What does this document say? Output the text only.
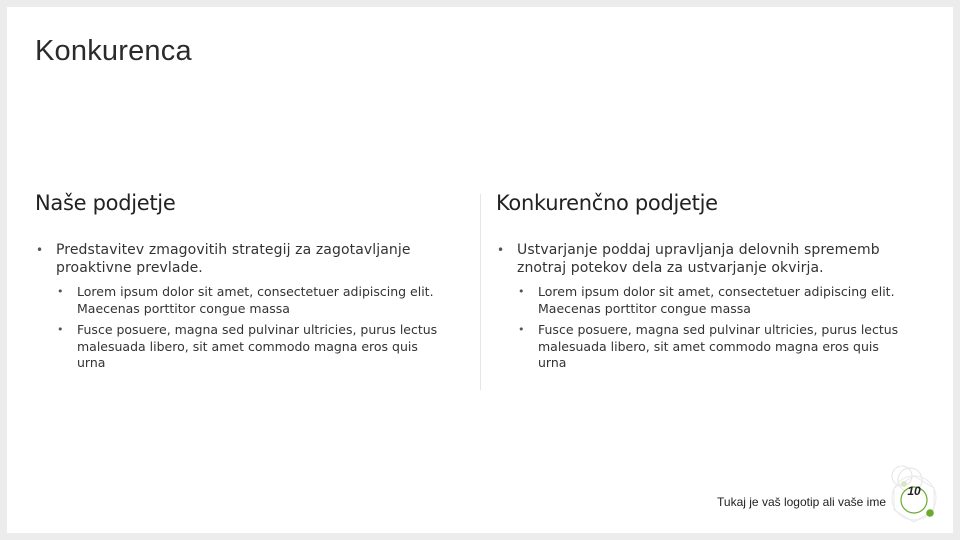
Konkurenca
Naše podjetje	Konkurenčno podjetje
• Predstavitev zmagovitih strategij za zagotavljanje proaktivne prevlade.
• Lorem ipsum dolor sit amet, consectetuer adipiscing elit. Maecenas porttitor congue massa
• Fusce posuere, magna sed pulvinar ultricies, purus lectus malesuada libero, sit amet commodo magna eros quis urna
• Ustvarjanje poddaj upravljanja delovnih sprememb znotraj potekov dela za ustvarjanje okvirja.
• Lorem ipsum dolor sit amet, consectetuer adipiscing elit. Maecenas porttitor congue massa
• Fusce posuere, magna sed pulvinar ultricies, purus lectus malesuada libero, sit amet commodo magna eros quis urna
Tukaj je vaš logotip ali vaše ime
10
